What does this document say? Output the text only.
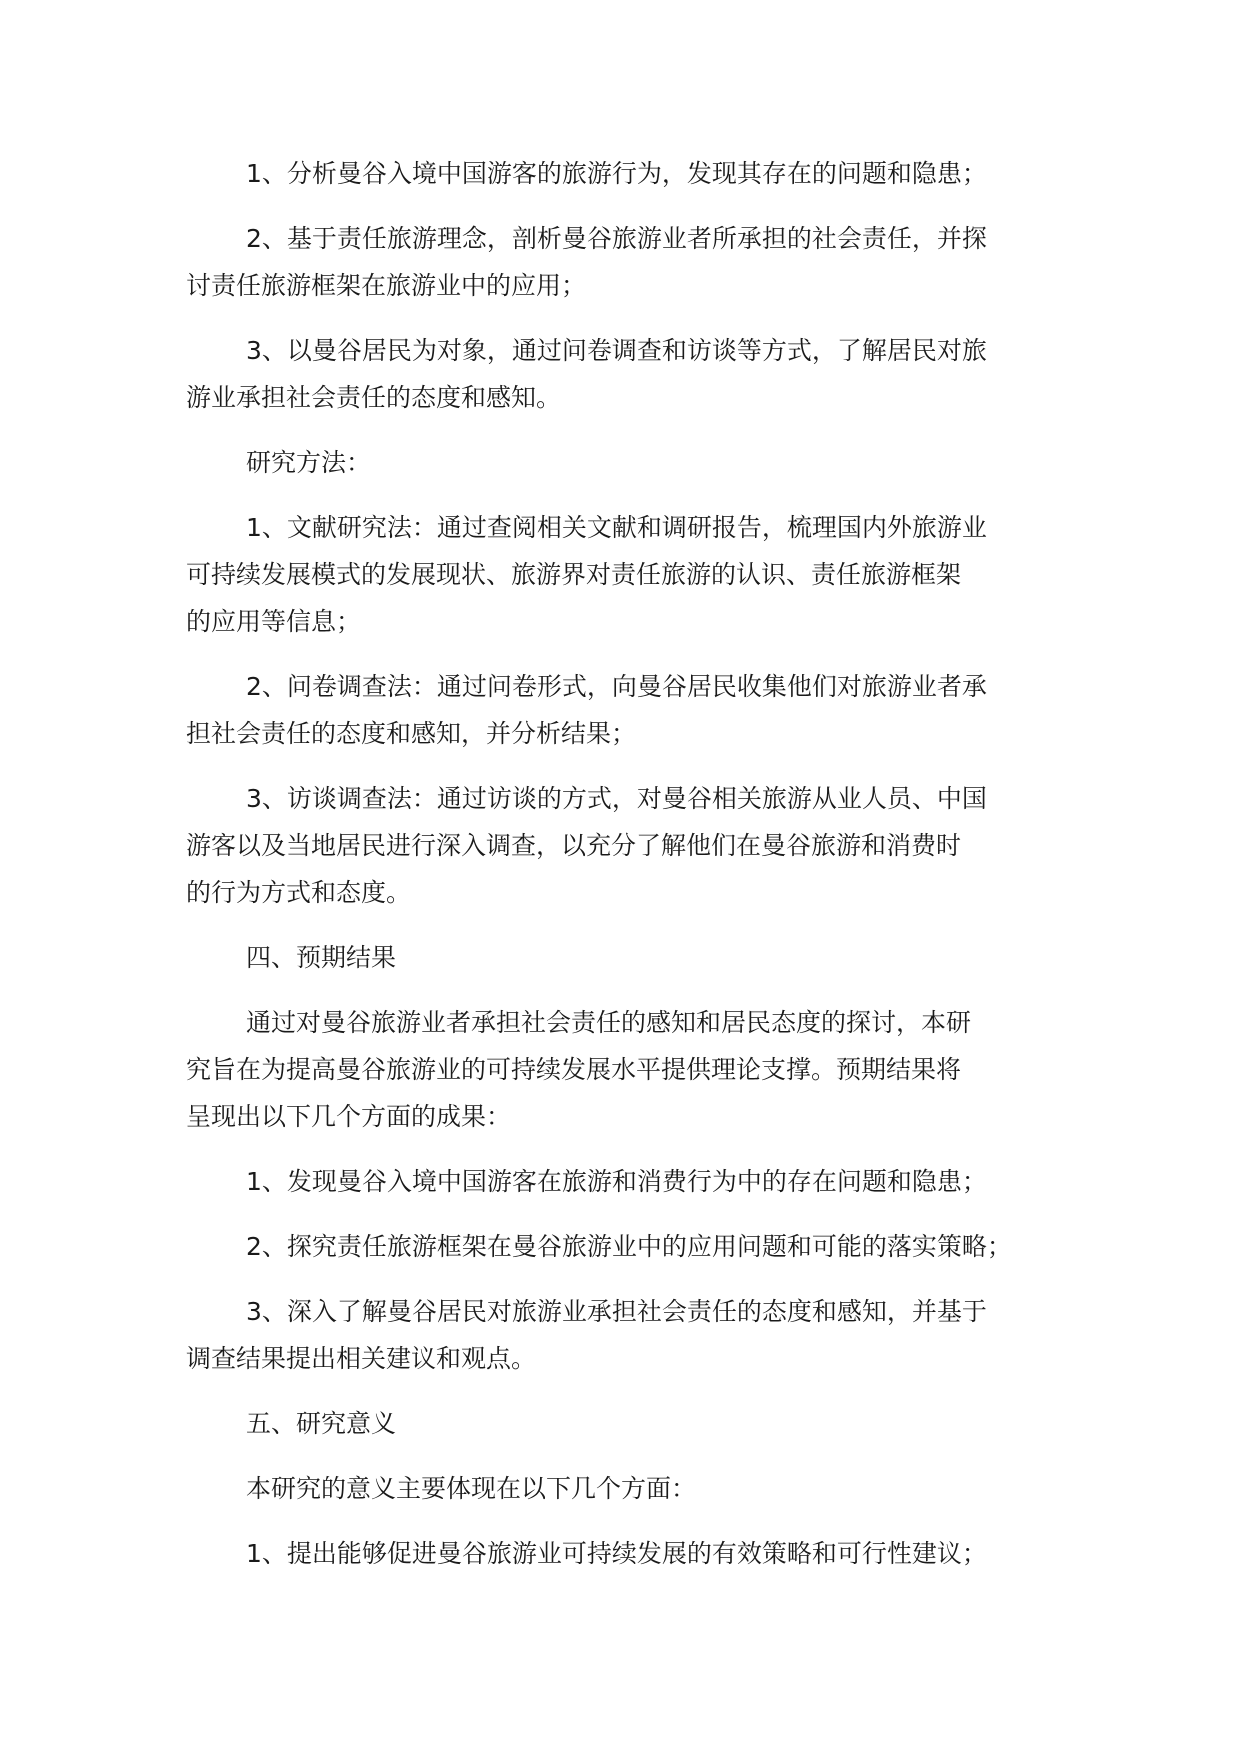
1、分析曼谷入境中国游客的旅游行为，发现其存在的问题和隐患；

2、基于责任旅游理念，剖析曼谷旅游业者所承担的社会责任，并探
讨责任旅游框架在旅游业中的应用；

3、以曼谷居民为对象，通过问卷调查和访谈等方式，了解居民对旅
游业承担社会责任的态度和感知。

研究方法：

1、文献研究法：通过查阅相关文献和调研报告，梳理国内外旅游业
可持续发展模式的发展现状、旅游界对责任旅游的认识、责任旅游框架
的应用等信息；

2、问卷调查法：通过问卷形式，向曼谷居民收集他们对旅游业者承
担社会责任的态度和感知，并分析结果；

3、访谈调查法：通过访谈的方式，对曼谷相关旅游从业人员、中国
游客以及当地居民进行深入调查，以充分了解他们在曼谷旅游和消费时
的行为方式和态度。

四、预期结果

通过对曼谷旅游业者承担社会责任的感知和居民态度的探讨，本研
究旨在为提高曼谷旅游业的可持续发展水平提供理论支撑。预期结果将
呈现出以下几个方面的成果：

1、发现曼谷入境中国游客在旅游和消费行为中的存在问题和隐患；

2、探究责任旅游框架在曼谷旅游业中的应用问题和可能的落实策略；

3、深入了解曼谷居民对旅游业承担社会责任的态度和感知，并基于
调查结果提出相关建议和观点。

五、研究意义

本研究的意义主要体现在以下几个方面：

1、提出能够促进曼谷旅游业可持续发展的有效策略和可行性建议；
